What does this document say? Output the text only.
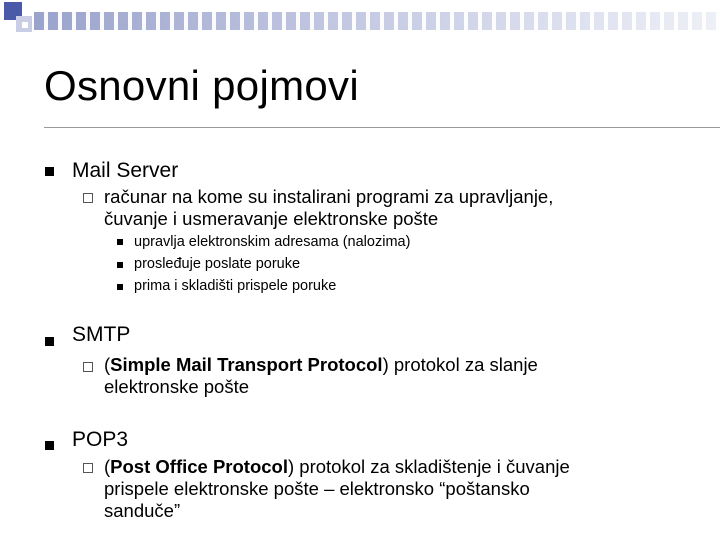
Osnovni pojmovi
Mail Server
računar na kome su instalirani programi za upravljanje,
čuvanje i usmeravanje elektronske pošte
upravlja elektronskim adresama (nalozima)
prosleđuje poslate poruke
prima i skladišti prispele poruke
SMTP
(Simple Mail Transport Protocol) protokol za slanje
elektronske pošte
POP3
(Post Office Protocol) protokol za skladištenje i čuvanje
prispele elektronske pošte – elektronsko “poštansko
sanduče”
